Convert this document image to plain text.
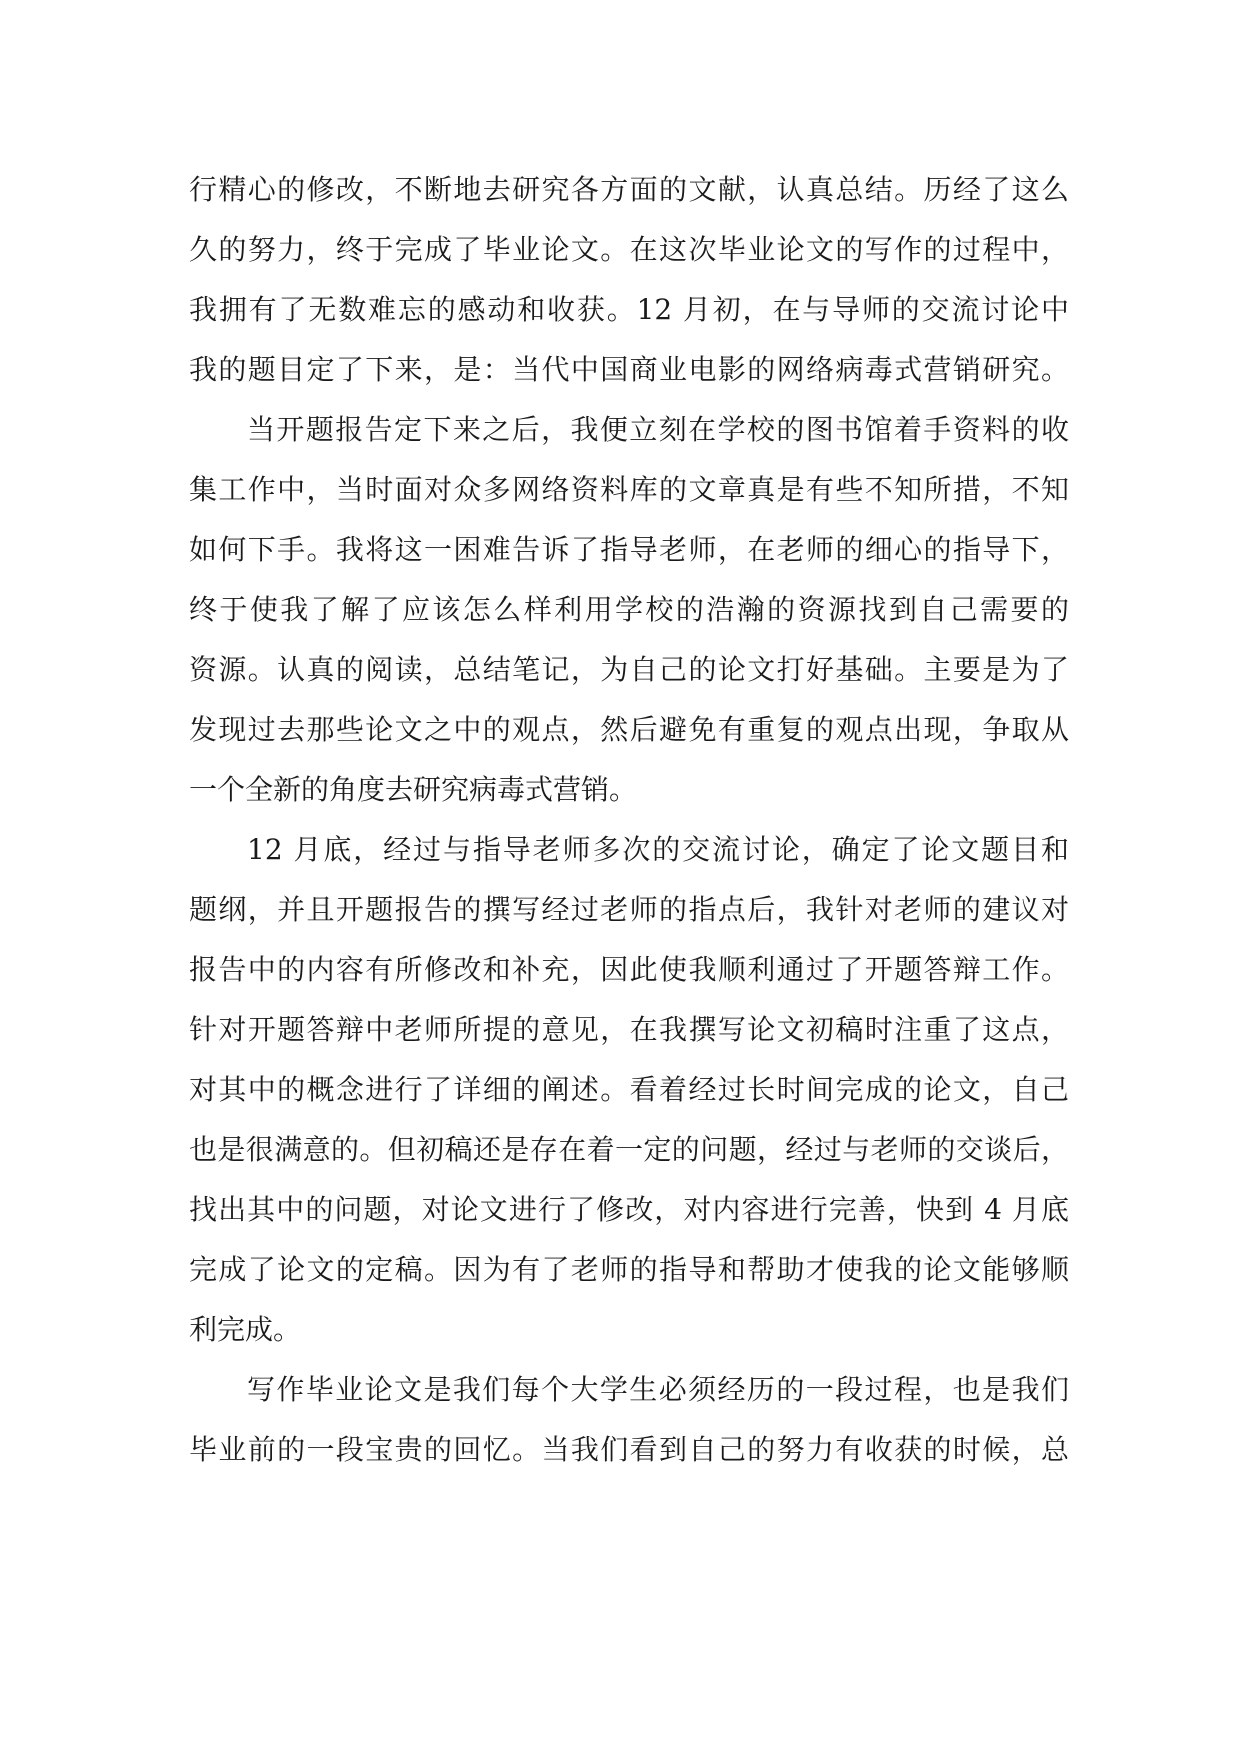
行精心的修改，不断地去研究各方面的文献，认真总结。历经了这么
久的努力，终于完成了毕业论文。在这次毕业论文的写作的过程中，
我拥有了无数难忘的感动和收获。12 月初，在与导师的交流讨论中
我的题目定了下来，是：当代中国商业电影的网络病毒式营销研究。
当开题报告定下来之后，我便立刻在学校的图书馆着手资料的收
集工作中，当时面对众多网络资料库的文章真是有些不知所措，不知
如何下手。我将这一困难告诉了指导老师，在老师的细心的指导下，
终于使我了解了应该怎么样利用学校的浩瀚的资源找到自己需要的
资源。认真的阅读，总结笔记，为自己的论文打好基础。主要是为了
发现过去那些论文之中的观点，然后避免有重复的观点出现，争取从
一个全新的角度去研究病毒式营销。
12 月底，经过与指导老师多次的交流讨论，确定了论文题目和
题纲，并且开题报告的撰写经过老师的指点后，我针对老师的建议对
报告中的内容有所修改和补充，因此使我顺利通过了开题答辩工作。
针对开题答辩中老师所提的意见，在我撰写论文初稿时注重了这点，
对其中的概念进行了详细的阐述。看着经过长时间完成的论文，自己
也是很满意的。但初稿还是存在着一定的问题，经过与老师的交谈后，
找出其中的问题，对论文进行了修改，对内容进行完善，快到 4 月底
完成了论文的定稿。因为有了老师的指导和帮助才使我的论文能够顺
利完成。
写作毕业论文是我们每个大学生必须经历的一段过程，也是我们
毕业前的一段宝贵的回忆。当我们看到自己的努力有收获的时候，总
